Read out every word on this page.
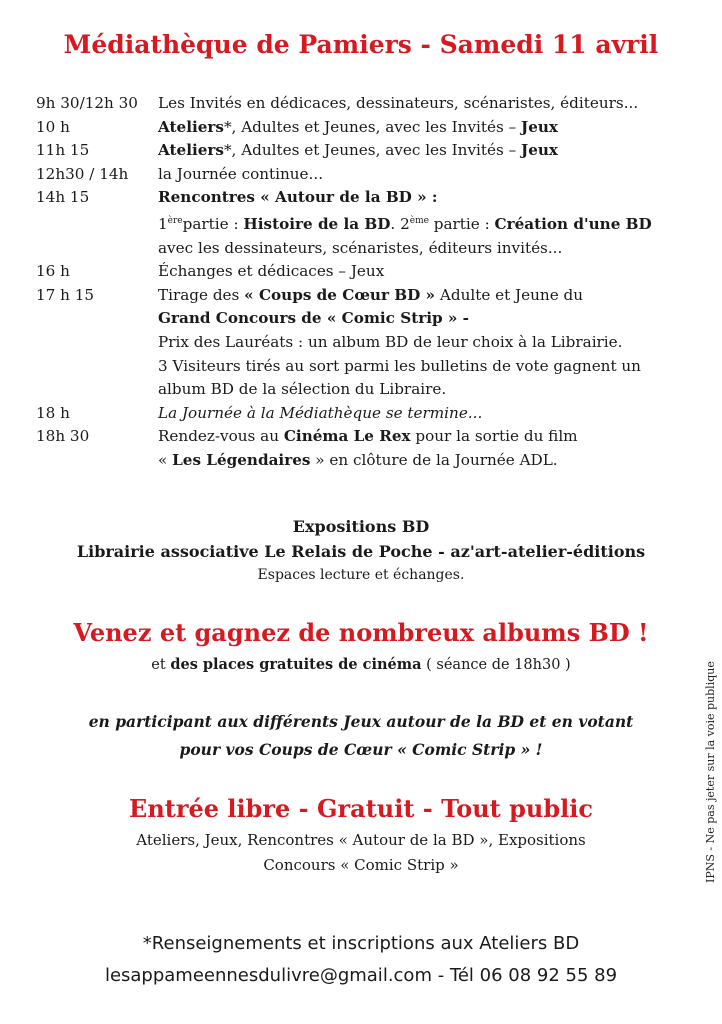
Médiathèque de Pamiers - Samedi 11 avril
9h 30/12h 30	Les Invités en dédicaces, dessinateurs, scénaristes, éditeurs...
10 h	Ateliers*, Adultes et Jeunes, avec les Invités – Jeux
11h 15	Ateliers*, Adultes et Jeunes, avec les Invités – Jeux
12h30 / 14h	la Journée continue...
14h 15	Rencontres « Autour de la BD » :
1èrepartie : Histoire de la BD. 2ème partie : Création d'une BD
avec les dessinateurs, scénaristes, éditeurs invités...
16 h	Échanges et dédicaces – Jeux
17 h 15	Tirage des « Coups de Cœur BD » Adulte et Jeune du
Grand Concours de « Comic Strip » -
Prix des Lauréats : un album BD de leur choix à la Librairie.
3 Visiteurs tirés au sort parmi les bulletins de vote gagnent un
album BD de la sélection du Libraire.
18 h	La Journée à la Médiathèque se termine...
18h 30	Rendez-vous au Cinéma Le Rex pour la sortie du film
« Les Légendaires » en clôture de la Journée ADL.
Expositions BD
Librairie associative Le Relais de Poche - az'art-atelier-éditions
Espaces lecture et échanges.
Venez et gagnez de nombreux albums BD !
et des places gratuites de cinéma ( séance de 18h30 )
en participant aux différents Jeux autour de la BD et en votant
pour vos Coups de Cœur « Comic Strip » !
Entrée libre - Gratuit - Tout public
Ateliers, Jeux, Rencontres « Autour de la BD », Expositions
Concours « Comic Strip »
*Renseignements et inscriptions aux Ateliers BD
lesappameennesdulivre@gmail.com - Tél 06 08 92 55 89
IPNS - Ne pas jeter sur la voie publique
